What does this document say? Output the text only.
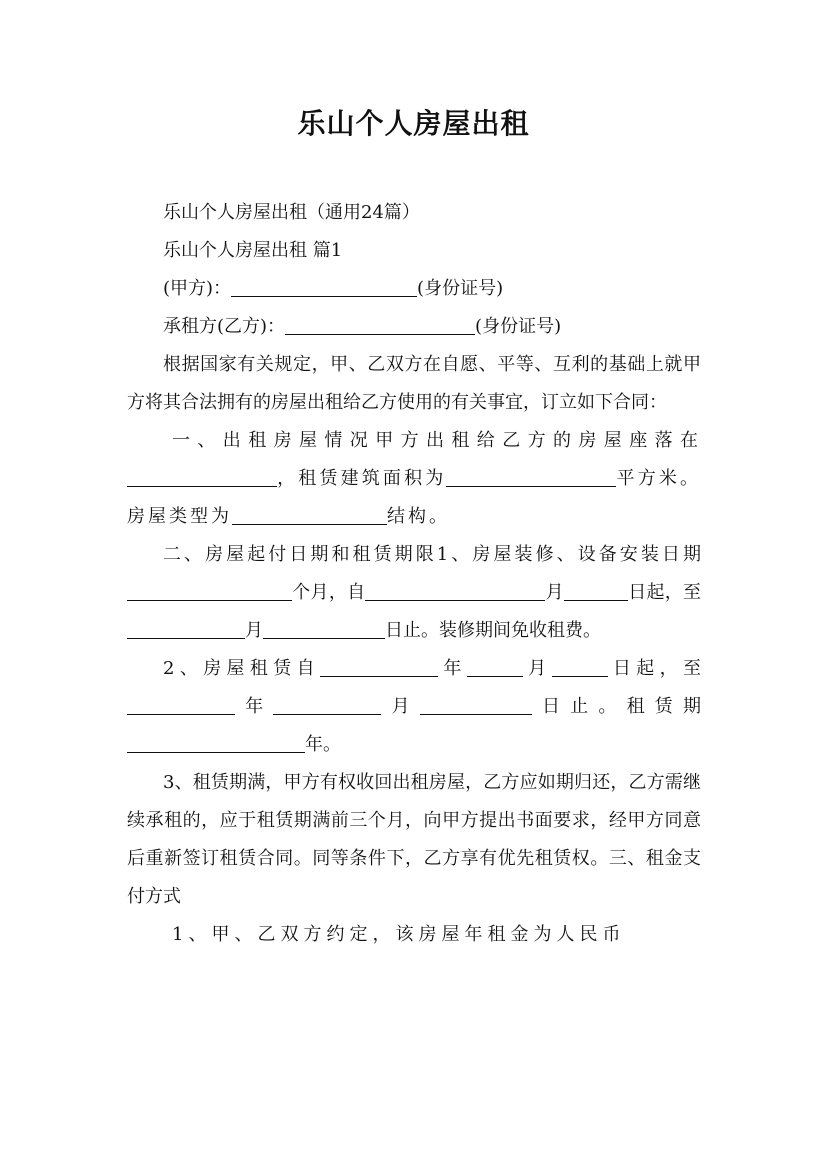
乐山个人房屋出租

乐山个人房屋出租（通用24篇）

乐山个人房屋出租 篇1

(甲方)：	(身份证号)

承租方(乙方)：	(身份证号)

根据国家有关规定，甲、乙双方在自愿、平等、互利的基础上就甲方将其合法拥有的房屋出租给乙方使用的有关事宜，订立如下合同：

一、出租房屋情况甲方出租给乙方的房屋座落在，租赁建筑面积为	平方米。房屋类型为	结构。

二、房屋起付日期和租赁期限1、房屋装修、设备安装日期个月，自	月	日起，至月	日止。装修期间免收租费。

2、房屋租赁自	年	月	日起，至年	月	日止。租赁期年。

3、租赁期满，甲方有权收回出租房屋，乙方应如期归还，乙方需继续承租的，应于租赁期满前三个月，向甲方提出书面要求，经甲方同意后重新签订租赁合同。同等条件下，乙方享有优先租赁权。三、租金支付方式

1、甲、乙双方约定，该房屋年租金为人民币
